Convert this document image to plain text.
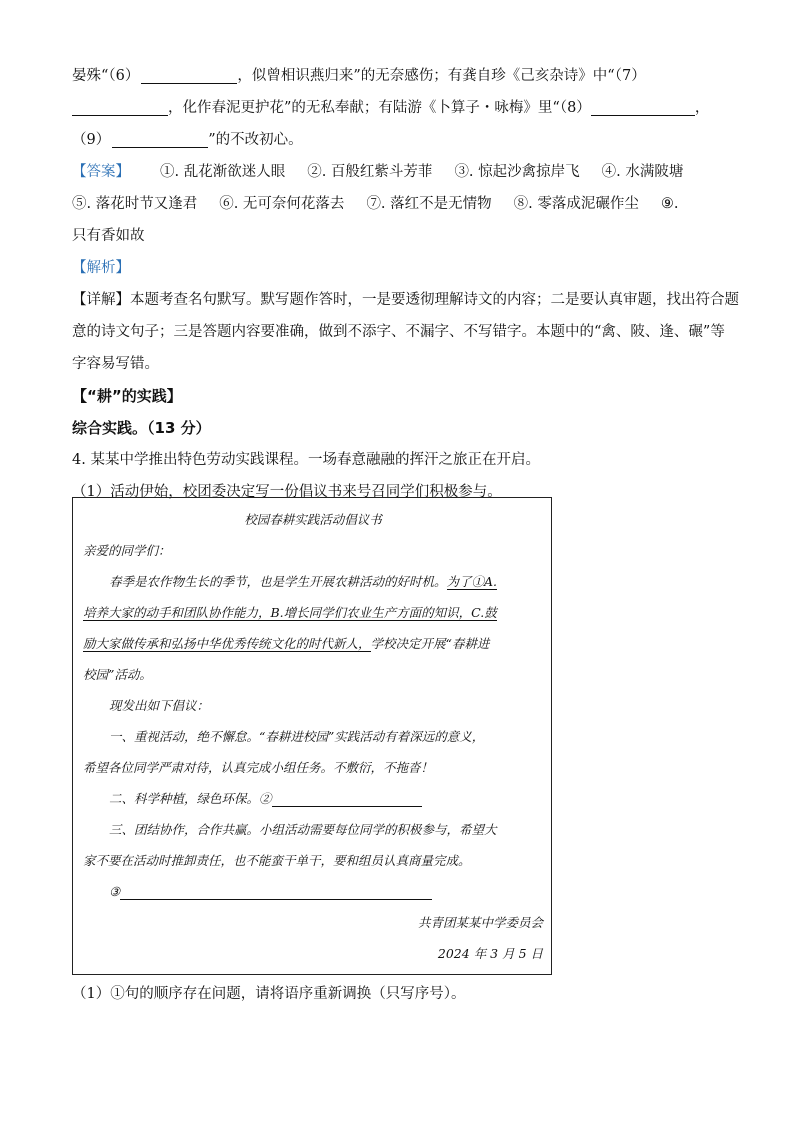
晏殊“（6）	，似曾相识燕归来”的无奈感伤；有龚自珍《己亥杂诗》中“（7）
，化作春泥更护花”的无私奉献；有陆游《卜算子・咏梅》里“（8）	，
（9）	”的不改初心。
【答案】 ①. 乱花渐欲迷人眼 ②. 百般红紫斗芳菲 ③. 惊起沙禽掠岸飞 ④. 水满陂塘
⑤. 落花时节又逢君 ⑥. 无可奈何花落去 ⑦. 落红不是无情物 ⑧. 零落成泥碾作尘 ⑨.
只有香如故
【解析】
【详解】本题考查名句默写。默写题作答时，一是要透彻理解诗文的内容；二是要认真审题，找出符合题
意的诗文句子；三是答题内容要准确，做到不添字、不漏字、不写错字。本题中的“禽、陂、逢、碾”等
字容易写错。
【“耕”的实践】
综合实践。（13 分）
4. 某某中学推出特色劳动实践课程。一场春意融融的挥汗之旅正在开启。
（1）活动伊始，校团委决定写一份倡议书来号召同学们积极参与。
校园春耕实践活动倡议书
亲爱的同学们：
春季是农作物生长的季节，也是学生开展农耕活动的好时机。为了①A.
培养大家的动手和团队协作能力，B.增长同学们农业生产方面的知识，C.鼓
励大家做传承和弘扬中华优秀传统文化的时代新人，学校决定开展“春耕进
校园”活动。
现发出如下倡议：
一、重视活动，绝不懈怠。“春耕进校园”实践活动有着深远的意义，
希望各位同学严肃对待，认真完成小组任务。不敷衍，不拖沓！
二、科学种植，绿色环保。②
三、团结协作，合作共赢。小组活动需要每位同学的积极参与，希望大
家不要在活动时推卸责任，也不能蛮干单干，要和组员认真商量完成。
③
共青团某某中学委员会
2024 年 3 月 5 日
（1）①句的顺序存在问题，请将语序重新调换（只写序号）。
